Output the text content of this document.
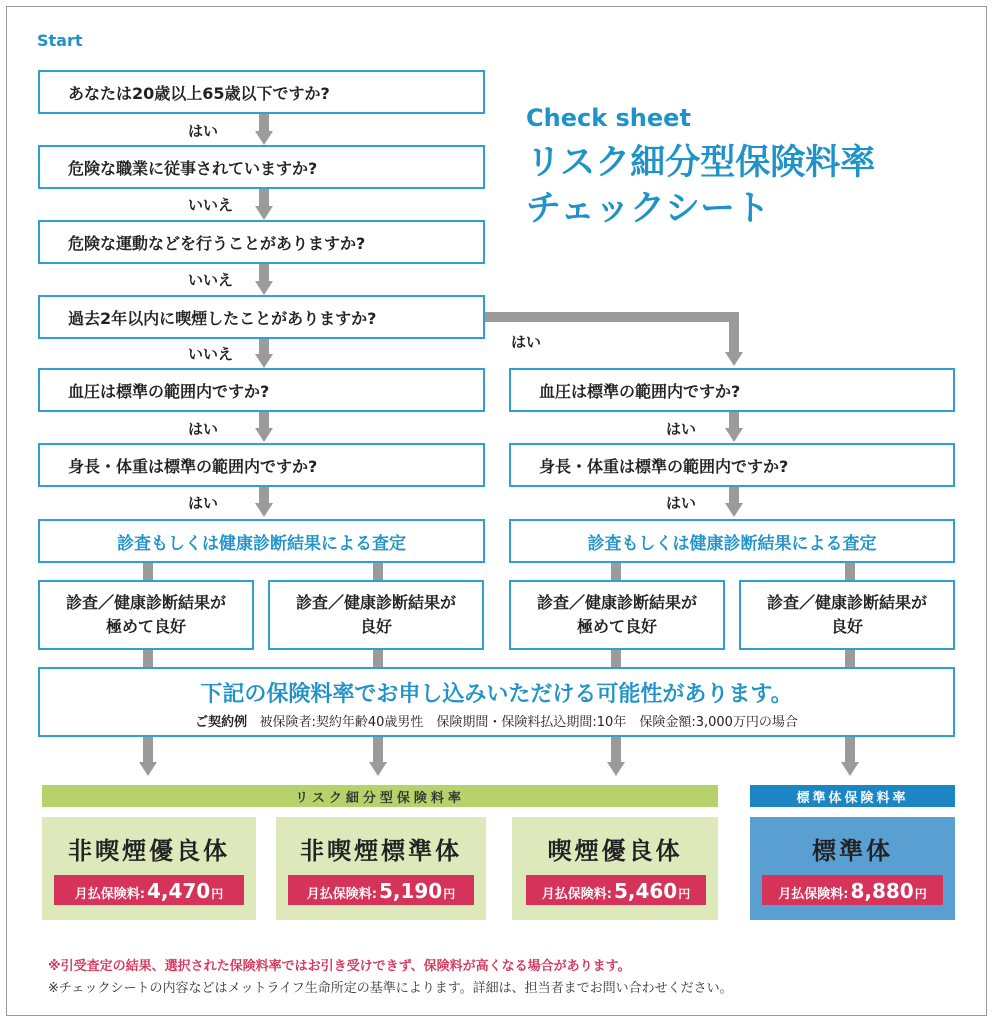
Start
Check sheet
リスク細分型保険料率
チェックシート
あなたは20歳以上65歳以下ですか?
はい
危険な職業に従事されていますか?
いいえ
危険な運動などを行うことがありますか?
いいえ
過去2年以内に喫煙したことがありますか?
いいえ
はい
血圧は標準の範囲内ですか?
はい
身長・体重は標準の範囲内ですか?
はい
血圧は標準の範囲内ですか?
はい
身長・体重は標準の範囲内ですか?
はい
診査もしくは健康診断結果による査定	診査もしくは健康診断結果による査定
診査／健康診断結果が
極めて良好
診査／健康診断結果が
良好
診査／健康診断結果が
極めて良好
診査／健康診断結果が
良好
下記の保険料率でお申し込みいただける可能性があります。
ご契約例 被保険者:契約年齢40歳男性　保険期間・保険料払込期間:10年　保険金額:3,000万円の場合
リスク細分型保険料率	標準体保険料率
非喫煙優良体
月払保険料: 4,470 円
非喫煙標準体
月払保険料: 5,190 円
喫煙優良体
月払保険料: 5,460 円
標準体
月払保険料: 8,880 円
※引受査定の結果、選択された保険料率ではお引き受けできず、保険料が高くなる場合があります。
※チェックシートの内容などはメットライフ生命所定の基準によります。詳細は、担当者までお問い合わせください。
